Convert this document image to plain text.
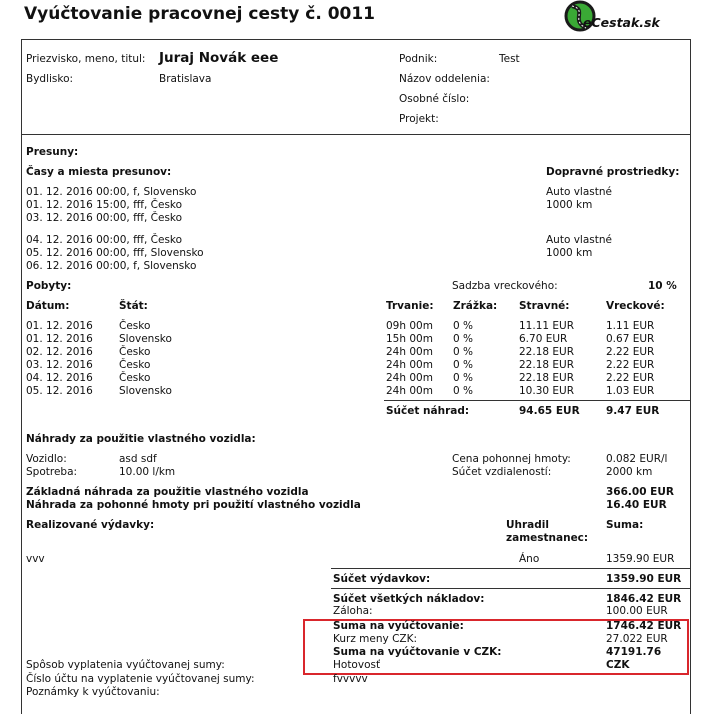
Vyúčtovanie pracovnej cesty č. 0011	eCestak.sk
Priezvisko, meno, titul: Juraj Novák eee
Bydlisko:	Bratislava
Podnik:	Test
Názov oddelenia:
Osobné číslo:
Projekt:
Presuny:
Časy a miesta presunov:	Dopravné prostriedky:
01. 12. 2016 00:00, f, Slovensko
01. 12. 2016 15:00, fff, Česko
03. 12. 2016 00:00, fff, Česko
Auto vlastné
1000 km
04. 12. 2016 00:00, fff, Česko
05. 12. 2016 00:00, fff, Slovensko
06. 12. 2016 00:00, f, Slovensko
Auto vlastné
1000 km
Pobyty:	Sadzba vreckového:	10 %
Dátum:	Štát:	Trvanie: Zrážka: Stravné:	Vreckové:
01. 12. 2016 Česko	09h 00m 0 %	11.11 EUR	1.11 EUR
01. 12. 2016 Slovensko	15h 00m 0 %	6.70 EUR	0.67 EUR
02. 12. 2016 Česko	24h 00m 0 %	22.18 EUR	2.22 EUR
03. 12. 2016 Česko	24h 00m 0 %	22.18 EUR	2.22 EUR
04. 12. 2016 Česko	24h 00m 0 %	22.18 EUR	2.22 EUR
05. 12. 2016 Slovensko	24h 00m 0 %	10.30 EUR	1.03 EUR
Súčet náhrad:	94.65 EUR	9.47 EUR
Náhrady za použitie vlastného vozidla:
Vozidlo:	asd sdf
Spotreba:	10.00 l/km
Cena pohonnej hmoty:	0.082 EUR/l
Súčet vzdialeností:	2000 km
Základná náhrada za použitie vlastného vozidla	366.00 EUR
Náhrada za pohonné hmoty pri použití vlastného vozidla	16.40 EUR
Realizované výdavky:	Uhradil
zamestnanec:
Suma:
vvv	Áno	1359.90 EUR
Súčet výdavkov:	1359.90 EUR
Súčet všetkých nákladov:	1846.42 EUR
Záloha:	100.00 EUR
Suma na vyúčtovanie:	1746.42 EUR
Kurz meny CZK:	27.022 EUR
Suma na vyúčtovanie v CZK:	47191.76
Hotovosť	CZK
Spôsob vyplatenia vyúčtovanej sumy:
Číslo účtu na vyplatenie vyúčtovanej sumy:	fvvvvv
Poznámky k vyúčtovaniu:
